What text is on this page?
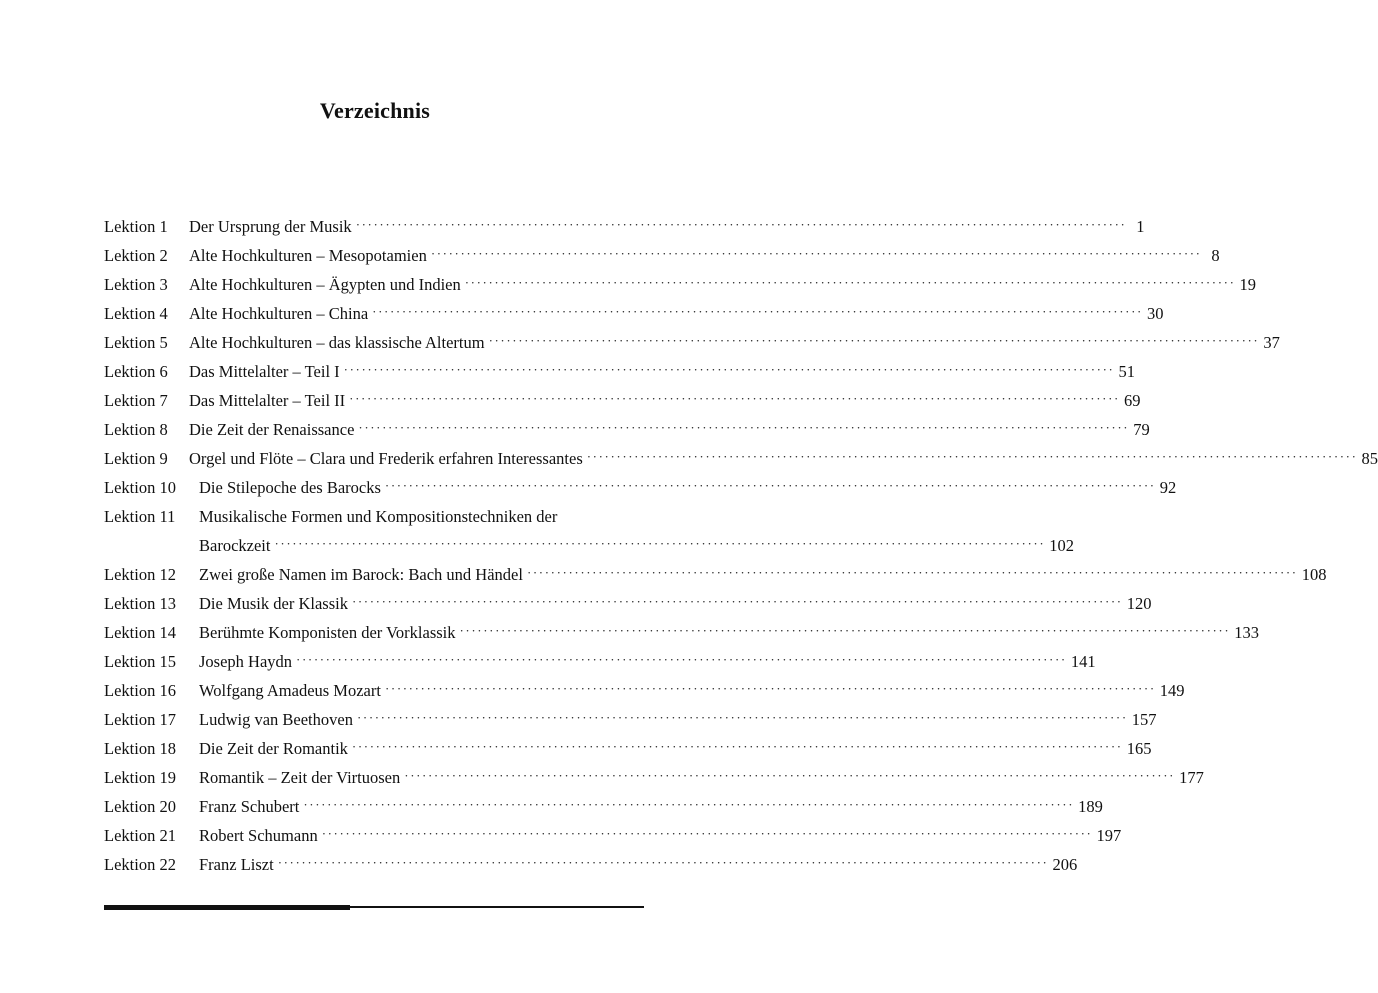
Verzeichnis
Lektion 1	Der Ursprung der Musik ·····	1
Lektion 2	Alte Hochkulturen – Mesopotamien ·····	8
Lektion 3	Alte Hochkulturen – Ägypten und Indien ·····	19
Lektion 4	Alte Hochkulturen – China ·····	30
Lektion 5	Alte Hochkulturen – das klassische Altertum ·····	37
Lektion 6	Das Mittelalter – Teil I ·····	51
Lektion 7	Das Mittelalter – Teil II ·····	69
Lektion 8	Die Zeit der Renaissance ·····	79
Lektion 9	Orgel und Flöte – Clara und Frederik erfahren Interessantes ·····	85
Lektion 10	Die Stilepoche des Barocks ·····	92
Lektion 11	Musikalische Formen und Kompositionstechniken der
Barockzeit ·····	102
Lektion 12	Zwei große Namen im Barock: Bach und Händel ·····	108
Lektion 13	Die Musik der Klassik ·····	120
Lektion 14	Berühmte Komponisten der Vorklassik ·····	133
Lektion 15	Joseph Haydn ·····	141
Lektion 16	Wolfgang Amadeus Mozart ·····	149
Lektion 17	Ludwig van Beethoven ·····	157
Lektion 18	Die Zeit der Romantik ·····	165
Lektion 19	Romantik – Zeit der Virtuosen ·····	177
Lektion 20	Franz Schubert ·····	189
Lektion 21	Robert Schumann ·····	197
Lektion 22	Franz Liszt ·····	206
